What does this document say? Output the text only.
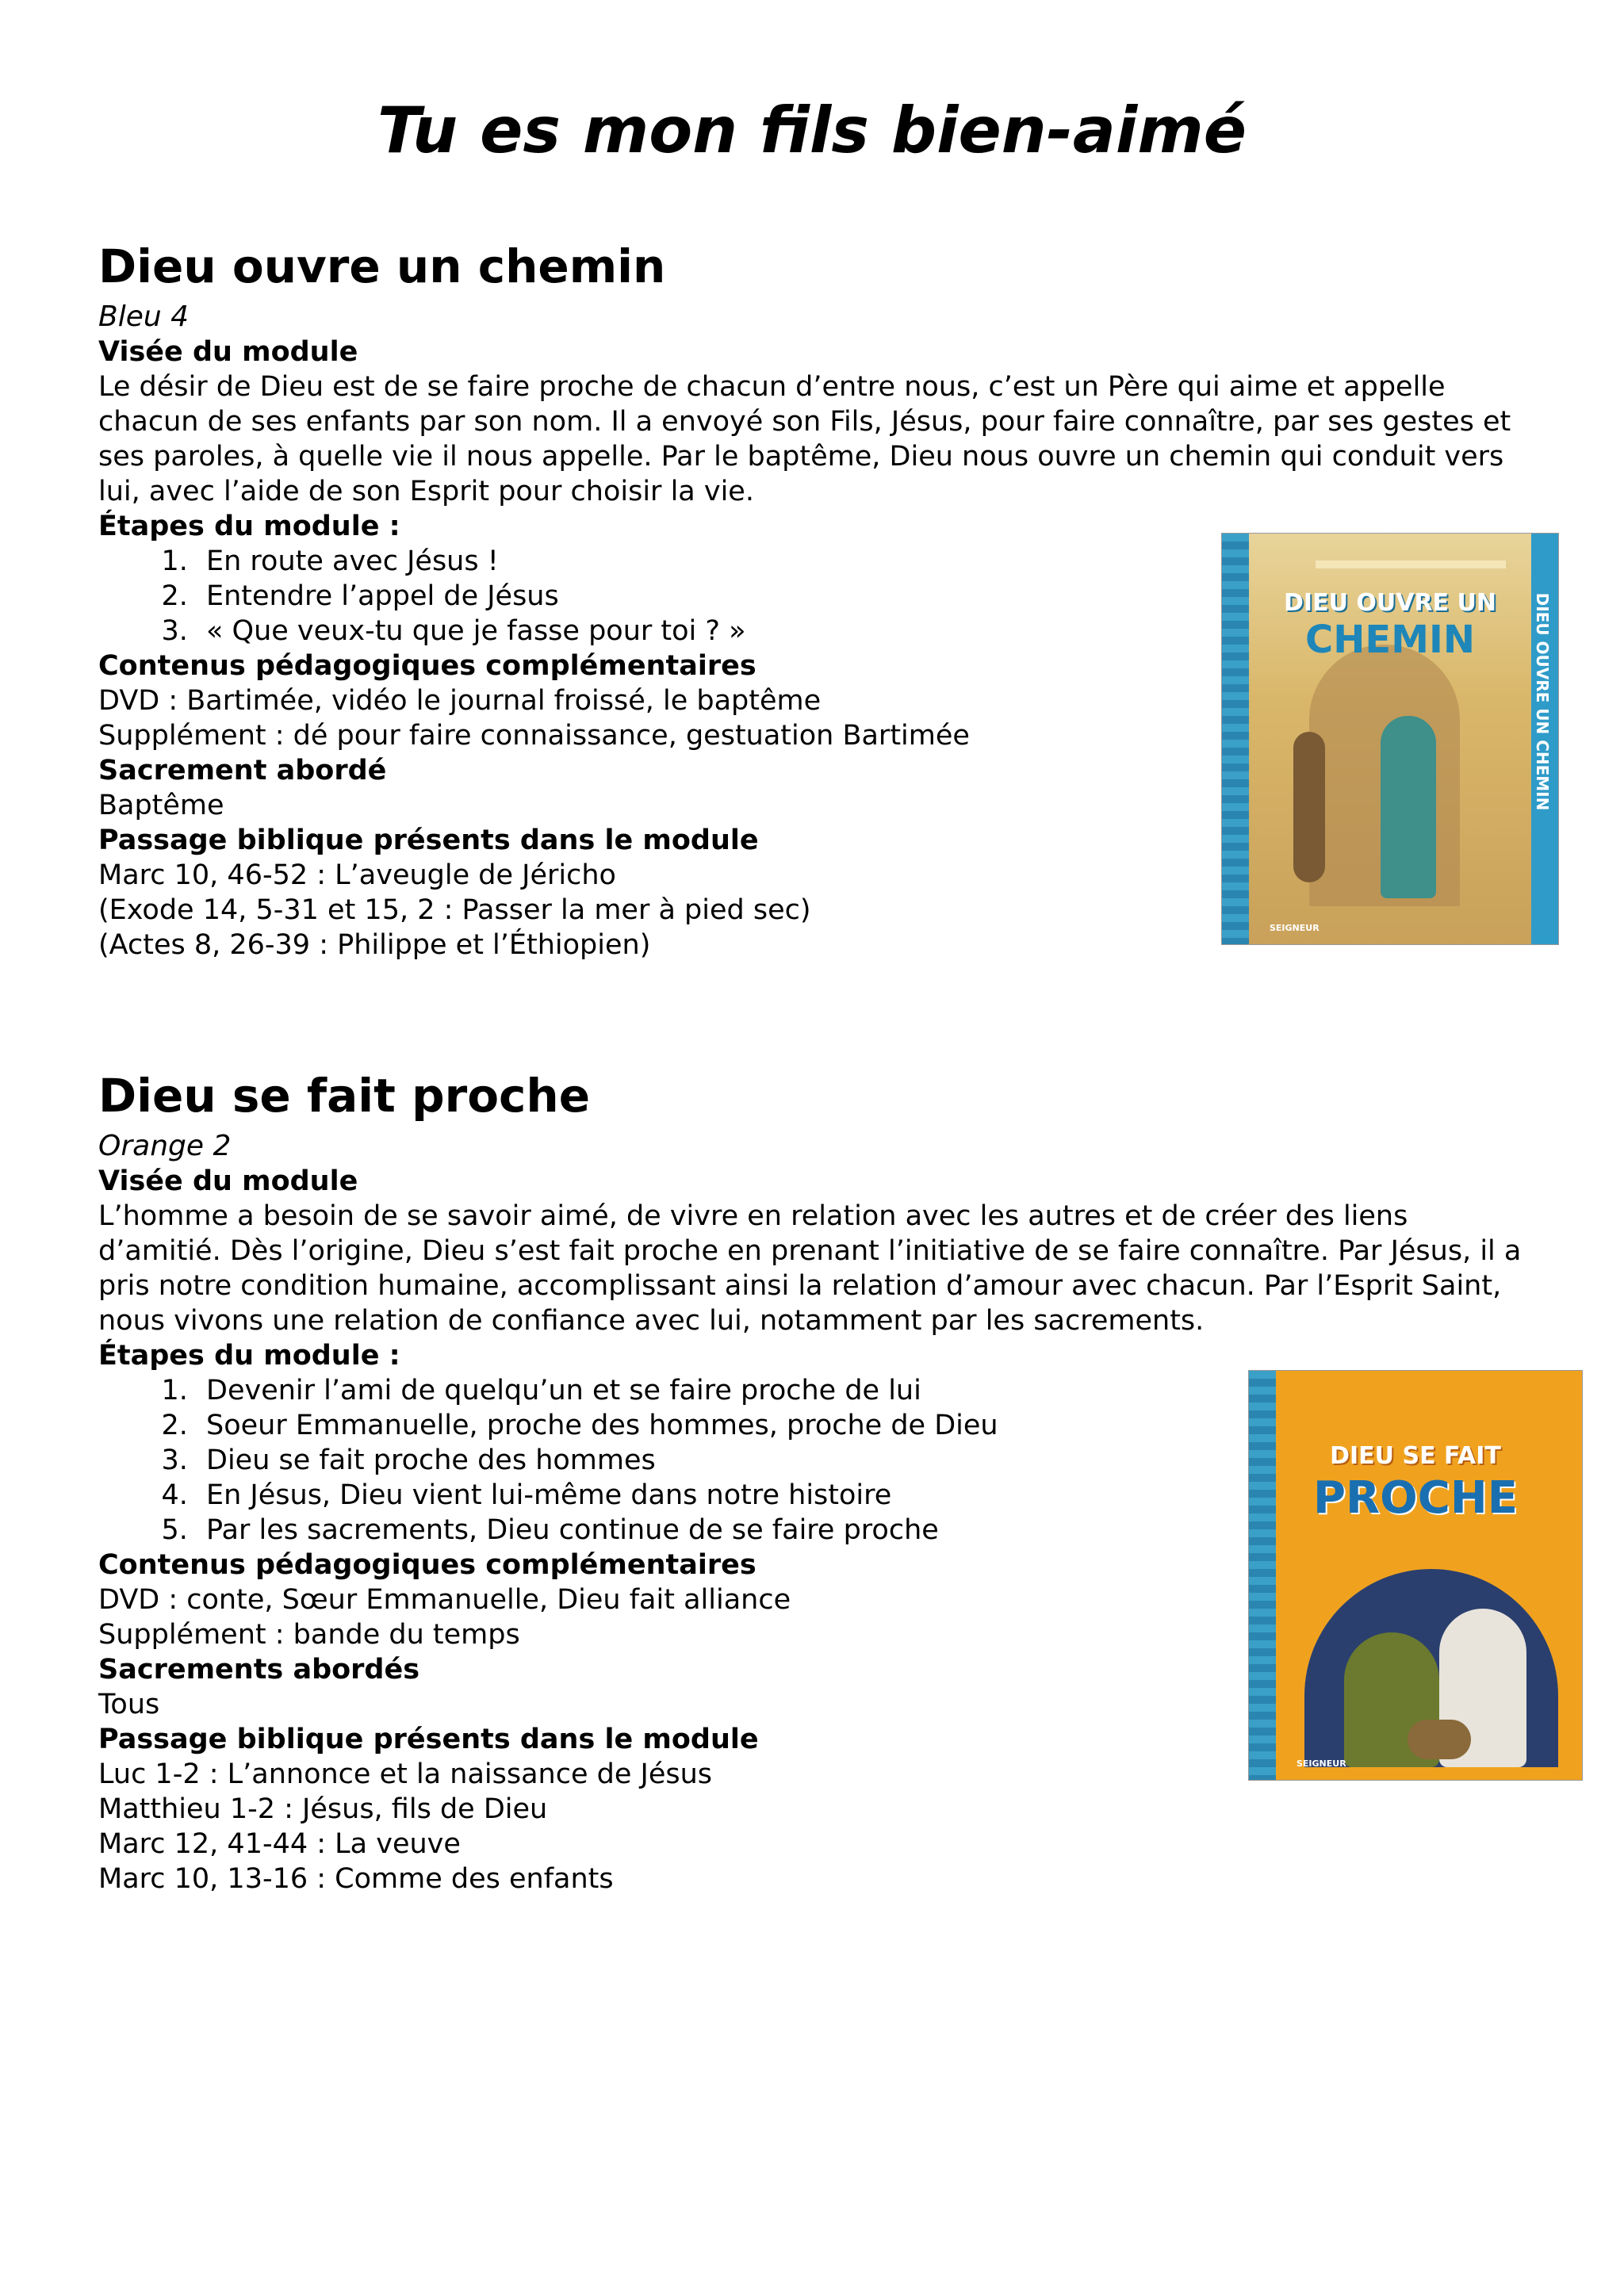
Tu es mon fils bien-aimé
Dieu ouvre un chemin
Bleu 4
Visée du module
Le désir de Dieu est de se faire proche de chacun d’entre nous, c’est un Père qui aime et appelle chacun de ses enfants par son nom. Il a envoyé son Fils, Jésus, pour faire connaître, par ses gestes et ses paroles, à quelle vie il nous appelle. Par le baptême, Dieu nous ouvre un chemin qui conduit vers lui, avec l’aide de son Esprit pour choisir la vie.
Étapes du module :
1. En route avec Jésus !
2. Entendre l’appel de Jésus
3. « Que veux-tu que je fasse pour toi ? »
Contenus pédagogiques complémentaires
DVD : Bartimée, vidéo le journal froissé, le baptême
Supplément : dé pour faire connaissance, gestuation Bartimée
Sacrement abordé
Baptême
Passage biblique présents dans le module
Marc 10, 46-52 : L’aveugle de Jéricho
(Exode 14, 5-31 et 15, 2 : Passer la mer à pied sec)
(Actes 8, 26-39 : Philippe et l’Éthiopien)
DIEU OUVRE UN
CHEMIN	DIEU OUVRE UN CHEMIN
SEIGNEUR
Dieu se fait proche
Orange 2
Visée du module
L’homme a besoin de se savoir aimé, de vivre en relation avec les autres et de créer des liens d’amitié. Dès l’origine, Dieu s’est fait proche en prenant l’initiative de se faire connaître. Par Jésus, il a pris notre condition humaine, accomplissant ainsi la relation d’amour avec chacun. Par l’Esprit Saint, nous vivons une relation de confiance avec lui, notamment par les sacrements.
Étapes du module :
1. Devenir l’ami de quelqu’un et se faire proche de lui
2. Soeur Emmanuelle, proche des hommes, proche de Dieu
3. Dieu se fait proche des hommes
4. En Jésus, Dieu vient lui-même dans notre histoire
5. Par les sacrements, Dieu continue de se faire proche
Contenus pédagogiques complémentaires
DVD : conte, Sœur Emmanuelle, Dieu fait alliance
Supplément : bande du temps
Sacrements abordés
Tous
Passage biblique présents dans le module
Luc 1-2 : L’annonce et la naissance de Jésus
Matthieu 1-2 : Jésus, fils de Dieu
Marc 12, 41-44 : La veuve
Marc 10, 13-16 : Comme des enfants
DIEU SE FAIT
PROCHE
SEIGNEUR
